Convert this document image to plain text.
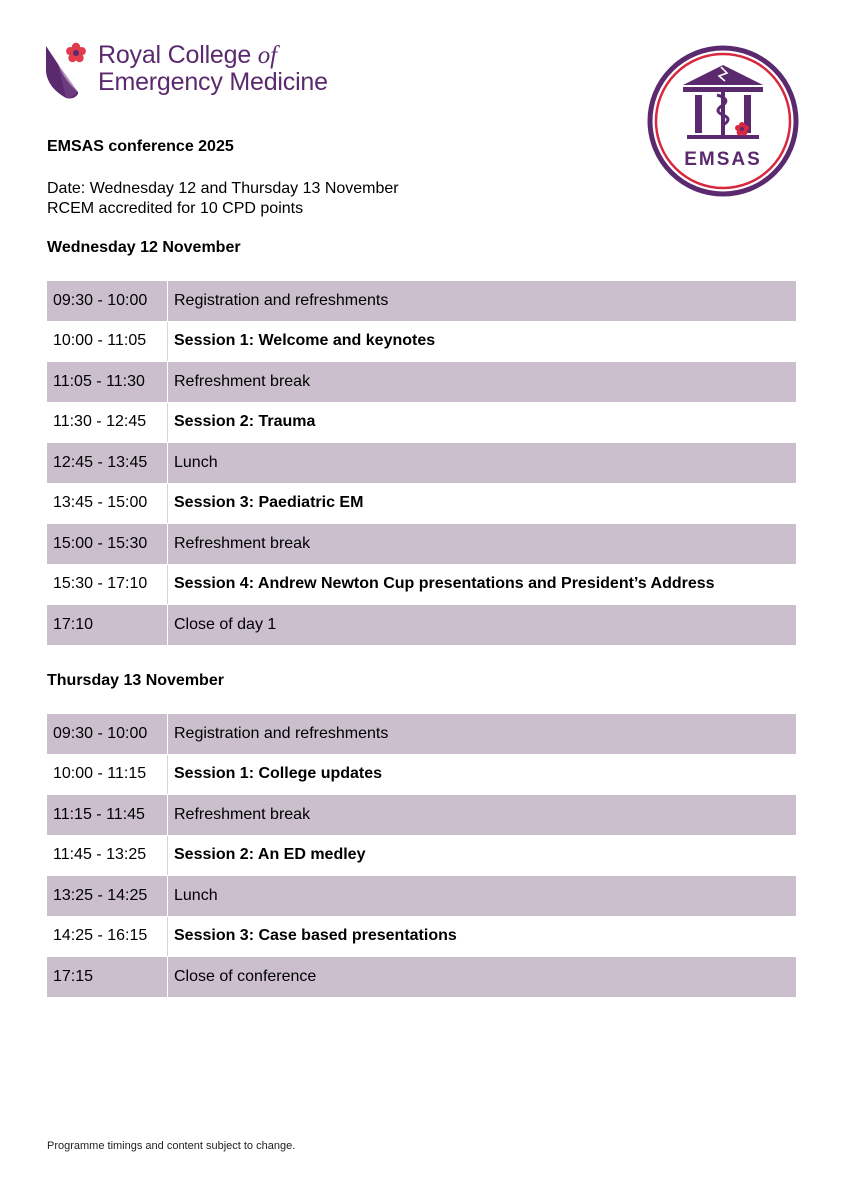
Royal College of
Emergency Medicine
EMSAS
EMSAS conference 2025
Date: Wednesday 12 and Thursday 13 November
RCEM accredited for 10 CPD points
Wednesday 12 November
09:30 - 10:00	Registration and refreshments
10:00 - 11:05	Session 1: Welcome and keynotes
11:05 - 11:30	Refreshment break
11:30 - 12:45	Session 2: Trauma
12:45 - 13:45	Lunch
13:45 - 15:00	Session 3: Paediatric EM
15:00 - 15:30	Refreshment break
15:30 - 17:10	Session 4: Andrew Newton Cup presentations and President’s Address
17:10	Close of day 1
Thursday 13 November
09:30 - 10:00	Registration and refreshments
10:00 - 11:15	Session 1: College updates
11:15 - 11:45	Refreshment break
11:45 - 13:25	Session 2: An ED medley
13:25 - 14:25	Lunch
14:25 - 16:15	Session 3: Case based presentations
17:15	Close of conference
Programme timings and content subject to change.
